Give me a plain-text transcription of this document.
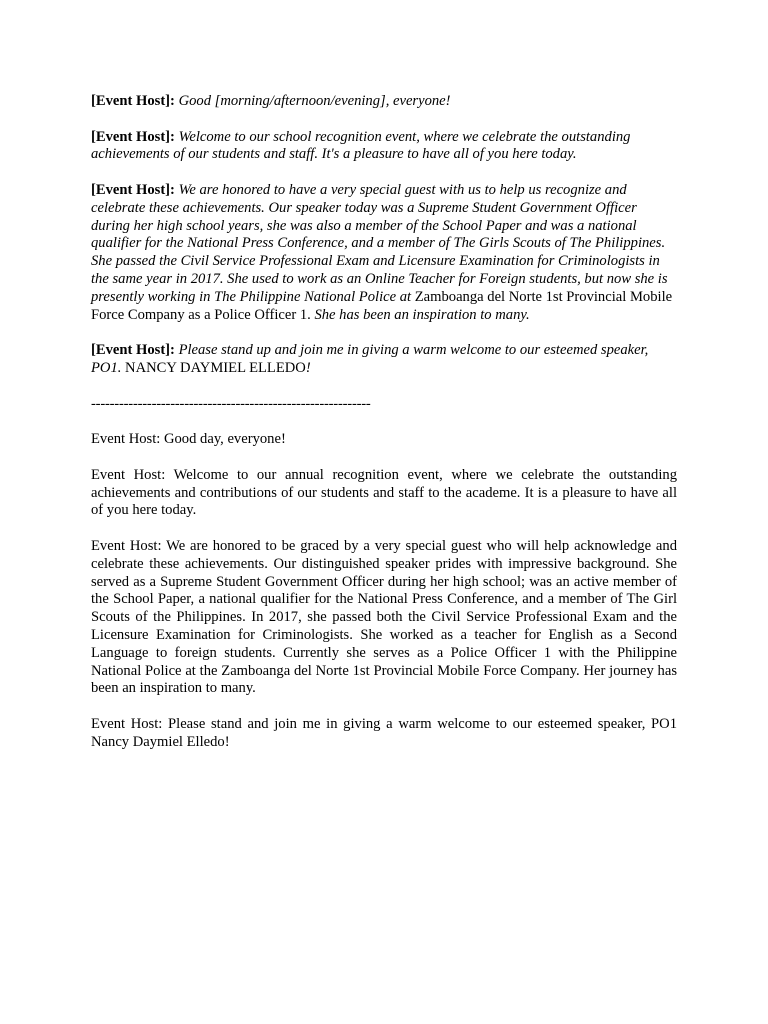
[Event Host]: Good [morning/afternoon/evening], everyone!

[Event Host]: Welcome to our school recognition event, where we celebrate the outstanding achievements of our students and staff. It's a pleasure to have all of you here today.

[Event Host]: We are honored to have a very special guest with us to help us recognize and celebrate these achievements. Our speaker today was a Supreme Student Government Officer during her high school years, she was also a member of the School Paper and was a national qualifier for the National Press Conference, and a member of The Girls Scouts of The Philippines. She passed the Civil Service Professional Exam and Licensure Examination for Criminologists in the same year in 2017. She used to work as an Online Teacher for Foreign students, but now she is presently working in The Philippine National Police at Zamboanga del Norte 1st Provincial Mobile Force Company as a Police Officer 1. She has been an inspiration to many.

[Event Host]: Please stand up and join me in giving a warm welcome to our esteemed speaker, PO1. NANCY DAYMIEL ELLEDO!

------------------------------------------------------------

Event Host: Good day, everyone!

Event Host: Welcome to our annual recognition event, where we celebrate the outstanding achievements and contributions of our students and staff to the academe. It is a pleasure to have all of you here today.

Event Host: We are honored to be graced by a very special guest who will help acknowledge and celebrate these achievements. Our distinguished speaker prides with impressive background. She served as a Supreme Student Government Officer during her high school; was an active member of the School Paper, a national qualifier for the National Press Conference, and a member of The Girl Scouts of the Philippines. In 2017, she passed both the Civil Service Professional Exam and the Licensure Examination for Criminologists. She worked as a teacher for English as a Second Language to foreign students. Currently she serves as a Police Officer 1 with the Philippine National Police at the Zamboanga del Norte 1st Provincial Mobile Force Company. Her journey has been an inspiration to many.

Event Host: Please stand and join me in giving a warm welcome to our esteemed speaker, PO1 Nancy Daymiel Elledo!
